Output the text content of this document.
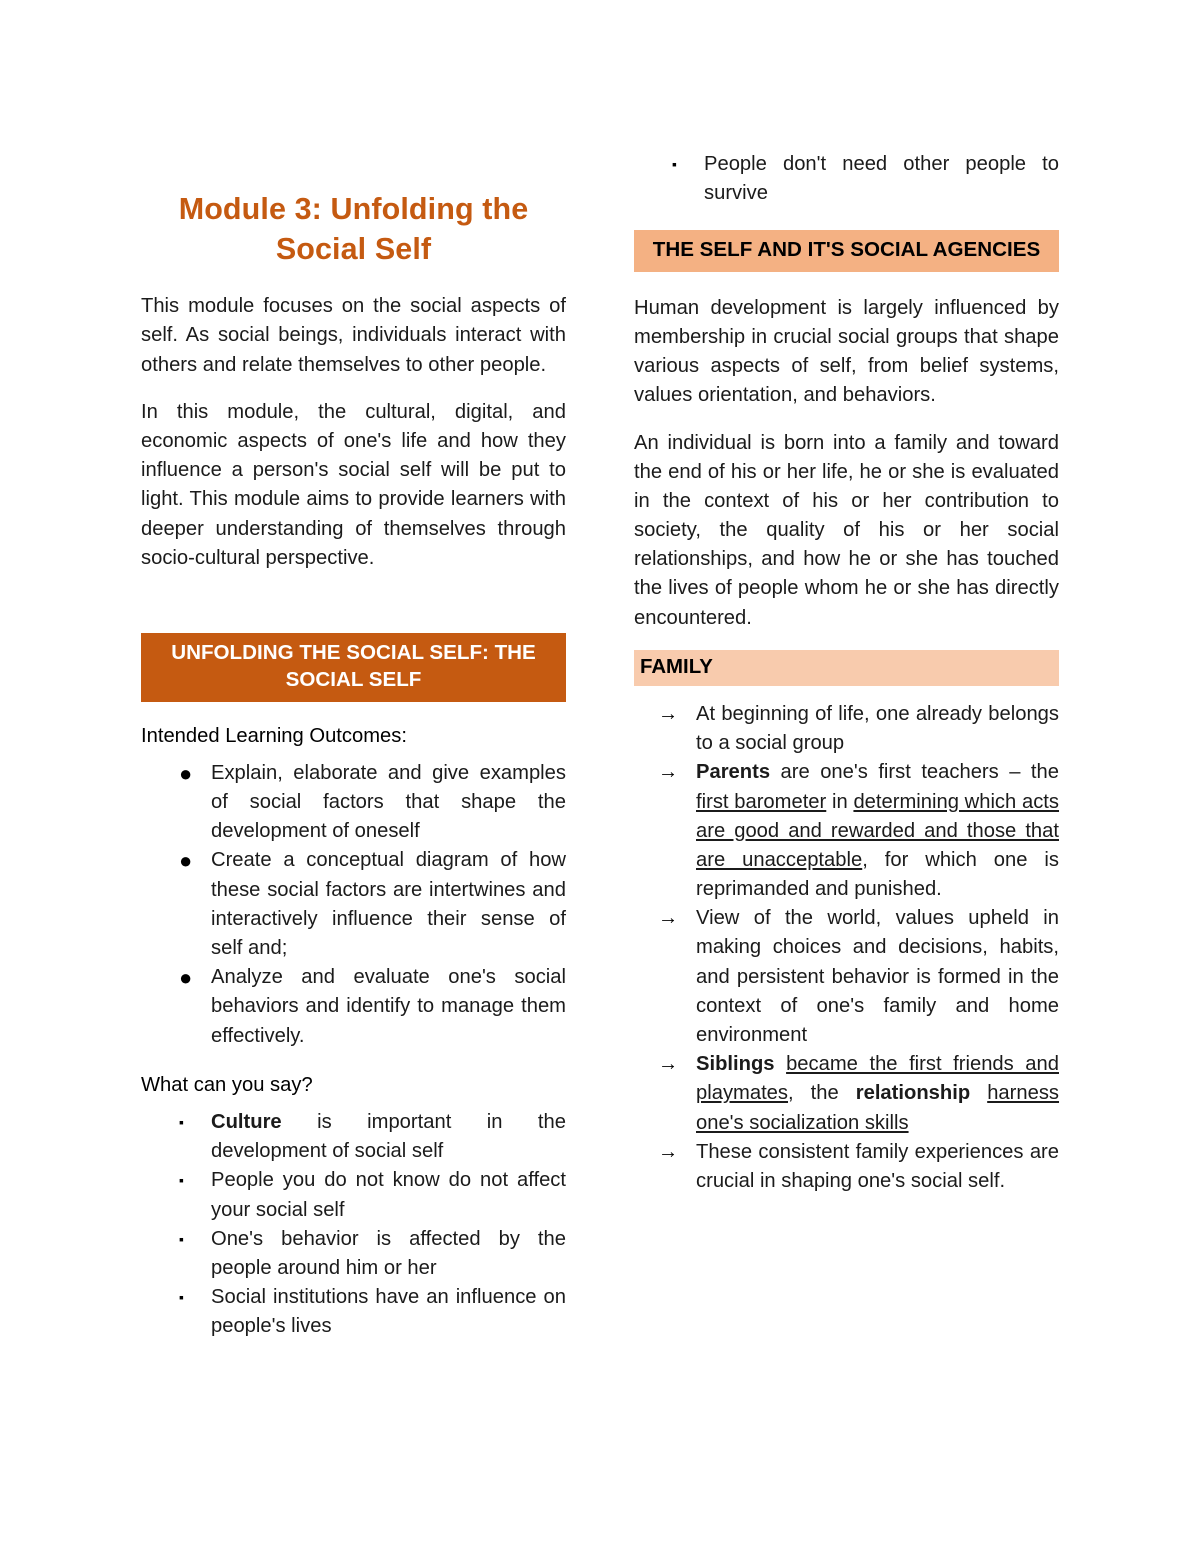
Module 3: Unfolding the Social Self

This module focuses on the social aspects of self. As social beings, individuals interact with others and relate themselves to other people.

In this module, the cultural, digital, and economic aspects of one's life and how they influence a person's social self will be put to light. This module aims to provide learners with deeper understanding of themselves through socio-cultural perspective.

UNFOLDING THE SOCIAL SELF: THE SOCIAL SELF
Intended Learning Outcomes:
● Explain, elaborate and give examples of social factors that shape the development of oneself
● Create a conceptual diagram of how these social factors are intertwines and interactively influence their sense of self and;
● Analyze and evaluate one's social behaviors and identify to manage them effectively.
What can you say?
▪ Culture is important in the development of social self
▪ People you do not know do not affect your social self
▪ One's behavior is affected by the people around him or her
▪ Social institutions have an influence on people's lives
▪ People don't need other people to survive
THE SELF AND IT'S SOCIAL AGENCIES

Human development is largely influenced by membership in crucial social groups that shape various aspects of self, from belief systems, values orientation, and behaviors.

An individual is born into a family and toward the end of his or her life, he or she is evaluated in the context of his or her contribution to society, the quality of his or her social relationships, and how he or she has touched the lives of people whom he or she has directly encountered.

FAMILY
→ At beginning of life, one already belongs to a social group
→ Parents are one's first teachers – the first barometer in determining which acts are good and rewarded and those that are unacceptable, for which one is reprimanded and punished.
→ View of the world, values upheld in making choices and decisions, habits, and persistent behavior is formed in the context of one's family and home environment
→ Siblings became the first friends and playmates, the relationship harness one's socialization skills
→ These consistent family experiences are crucial in shaping one's social self.
